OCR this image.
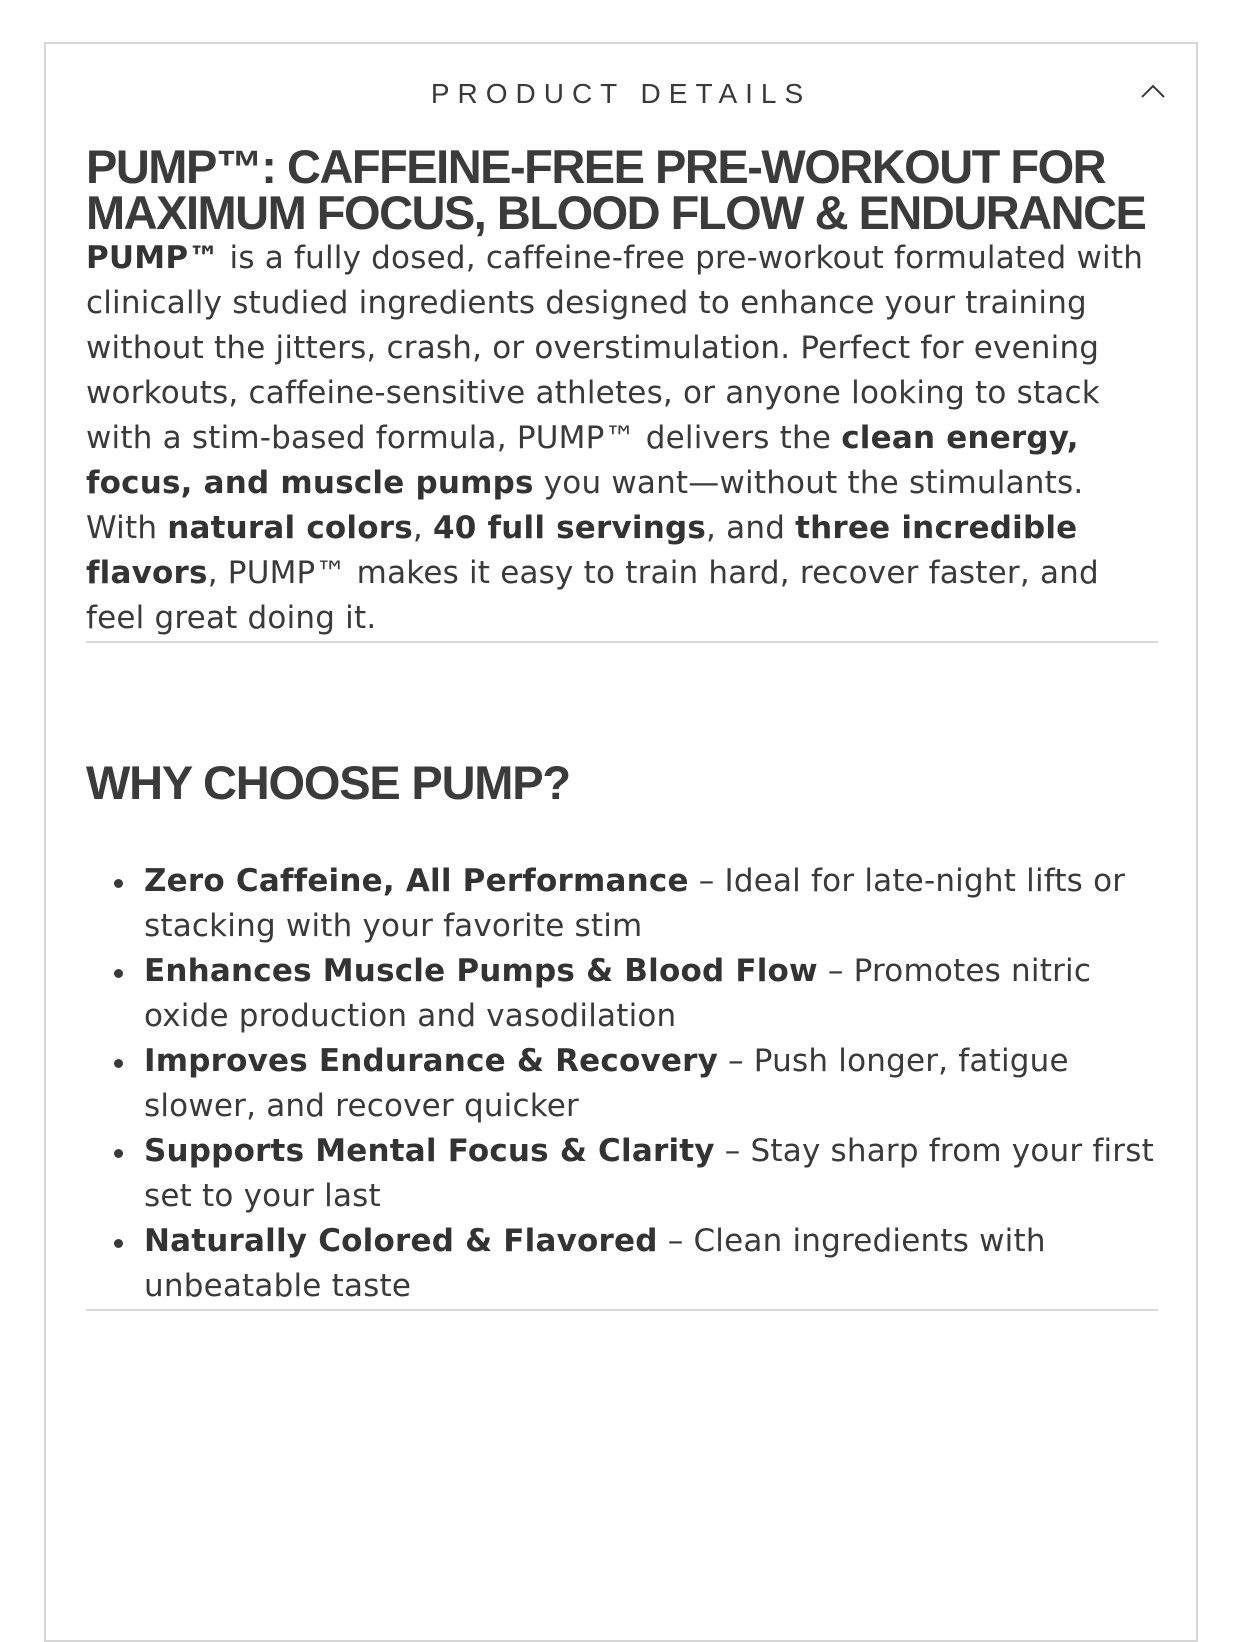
PRODUCT DETAILS
PUMP™: CAFFEINE-FREE PRE-WORKOUT FOR MAXIMUM FOCUS, BLOOD FLOW & ENDURANCE

PUMP™ is a fully dosed, caffeine-free pre-workout formulated with clinically studied ingredients designed to enhance your training without the jitters, crash, or overstimulation. Perfect for evening workouts, caffeine-sensitive athletes, or anyone looking to stack with a stim-based formula, PUMP™ delivers the clean energy, focus, and muscle pumps you want—without the stimulants.

With natural colors, 40 full servings, and three incredible flavors, PUMP™ makes it easy to train hard, recover faster, and feel great doing it.

WHY CHOOSE PUMP?
Zero Caffeine, All Performance – Ideal for late-night lifts or stacking with your favorite stim
Enhances Muscle Pumps & Blood Flow – Promotes nitric oxide production and vasodilation
Improves Endurance & Recovery – Push longer, fatigue slower, and recover quicker
Supports Mental Focus & Clarity – Stay sharp from your first set to your last
Naturally Colored & Flavored – Clean ingredients with unbeatable taste
